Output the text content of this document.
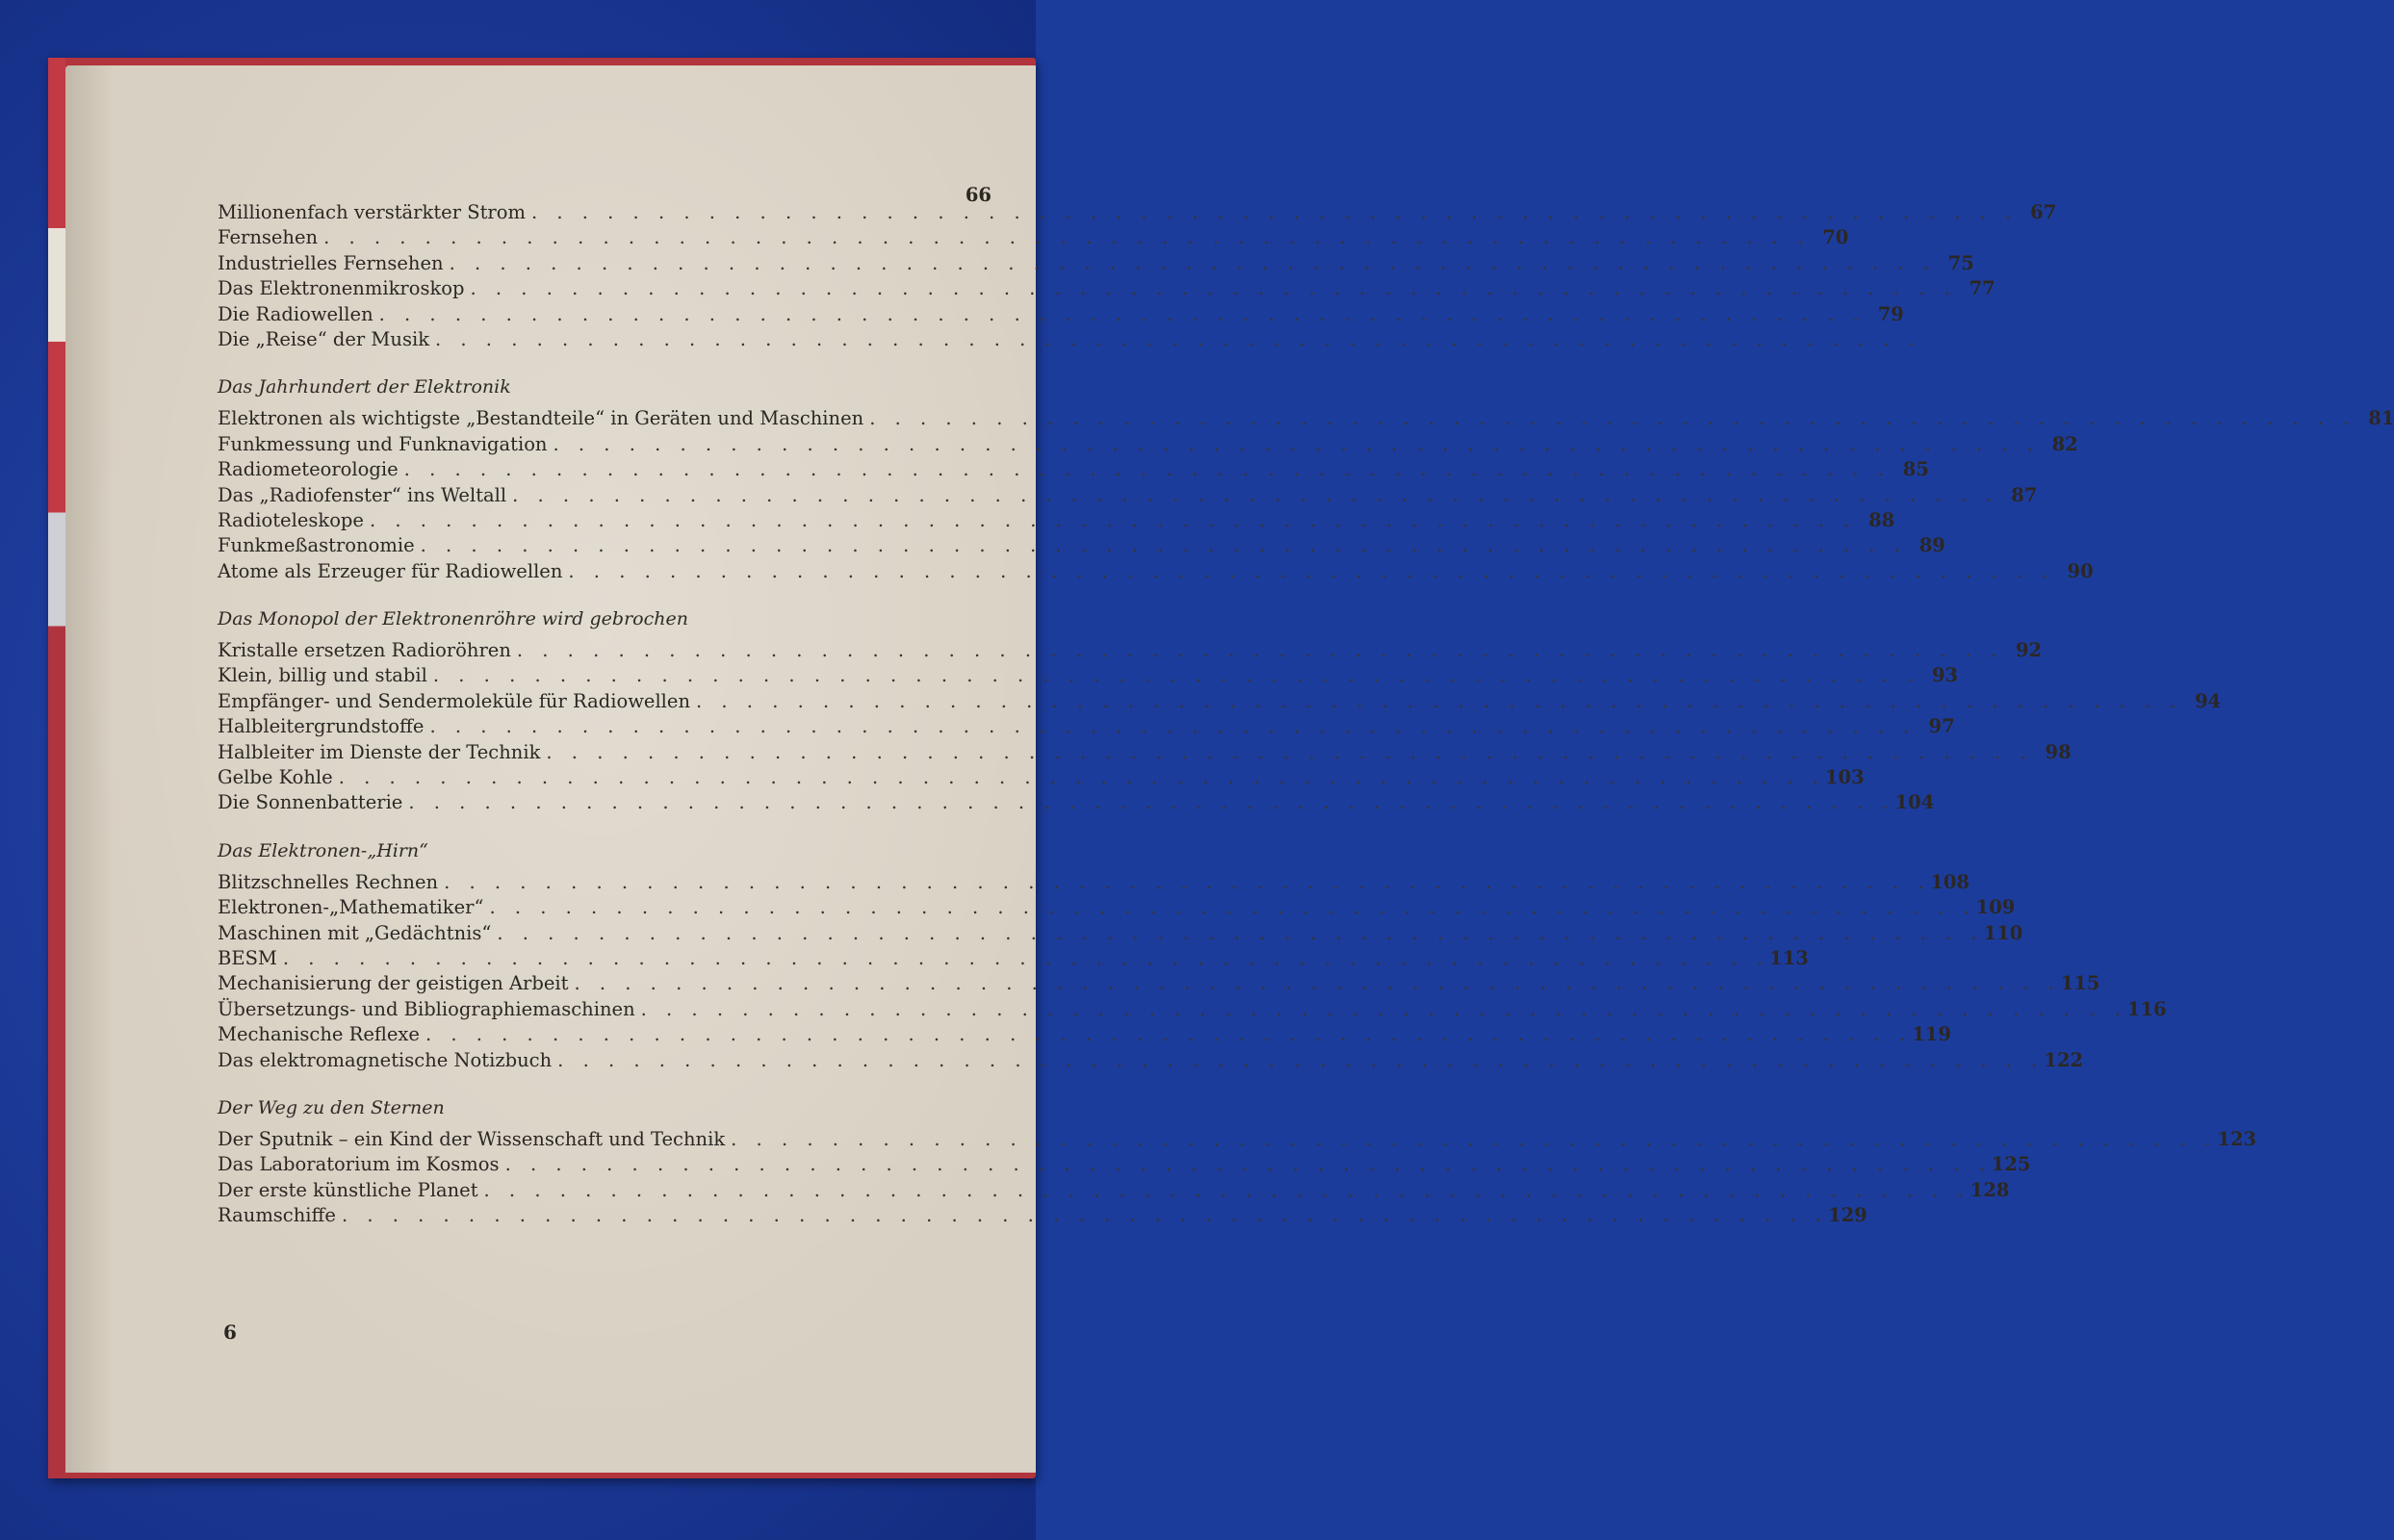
66
Millionenfach verstärkter Strom . . . . . . . . . . . . . . . . . . . . . . . . . . . . . . . . . . . . . . . . . . . . . . . . . . . . . . . . . . . 67
Fernsehen . . . . . . . . . . . . . . . . . . . . . . . . . . . . . . . . . . . . . . . . . . . . . . . . . . . . . . . . . . . 70
Industrielles Fernsehen . . . . . . . . . . . . . . . . . . . . . . . . . . . . . . . . . . . . . . . . . . . . . . . . . . . . . . . . . . . 75
Das Elektronenmikroskop . . . . . . . . . . . . . . . . . . . . . . . . . . . . . . . . . . . . . . . . . . . . . . . . . . . . . . . . . . . 77
Die Radiowellen . . . . . . . . . . . . . . . . . . . . . . . . . . . . . . . . . . . . . . . . . . . . . . . . . . . . . . . . . . . 79
Die „Reise“ der Musik . . . . . . . . . . . . . . . . . . . . . . . . . . . . . . . . . . . . . . . . . . . . . . . . . . . . . . . . . . .
Das Jahrhundert der Elektronik
Elektronen als wichtigste „Bestandteile“ in Geräten und Maschinen . . . . . . . . . . . . . . . . . . . . . . . . . . . . . . . . . . . . . . . . . . . . . . . . . . . . . . . . . . . 81
Funkmessung und Funknavigation . . . . . . . . . . . . . . . . . . . . . . . . . . . . . . . . . . . . . . . . . . . . . . . . . . . . . . . . . . . 82
Radiometeorologie . . . . . . . . . . . . . . . . . . . . . . . . . . . . . . . . . . . . . . . . . . . . . . . . . . . . . . . . . . . 85
Das „Radiofenster“ ins Weltall . . . . . . . . . . . . . . . . . . . . . . . . . . . . . . . . . . . . . . . . . . . . . . . . . . . . . . . . . . . 87
Radioteleskope . . . . . . . . . . . . . . . . . . . . . . . . . . . . . . . . . . . . . . . . . . . . . . . . . . . . . . . . . . . 88
Funkmeßastronomie . . . . . . . . . . . . . . . . . . . . . . . . . . . . . . . . . . . . . . . . . . . . . . . . . . . . . . . . . . . 89
Atome als Erzeuger für Radiowellen . . . . . . . . . . . . . . . . . . . . . . . . . . . . . . . . . . . . . . . . . . . . . . . . . . . . . . . . . . . 90
Das Monopol der Elektronenröhre wird gebrochen
Kristalle ersetzen Radioröhren . . . . . . . . . . . . . . . . . . . . . . . . . . . . . . . . . . . . . . . . . . . . . . . . . . . . . . . . . . . 92
Klein, billig und stabil . . . . . . . . . . . . . . . . . . . . . . . . . . . . . . . . . . . . . . . . . . . . . . . . . . . . . . . . . . . 93
Empfänger- und Sendermoleküle für Radiowellen . . . . . . . . . . . . . . . . . . . . . . . . . . . . . . . . . . . . . . . . . . . . . . . . . . . . . . . . . . . 94
Halbleitergrundstoffe . . . . . . . . . . . . . . . . . . . . . . . . . . . . . . . . . . . . . . . . . . . . . . . . . . . . . . . . . . . 97
Halbleiter im Dienste der Technik . . . . . . . . . . . . . . . . . . . . . . . . . . . . . . . . . . . . . . . . . . . . . . . . . . . . . . . . . . . 98
Gelbe Kohle . . . . . . . . . . . . . . . . . . . . . . . . . . . . . . . . . . . . . . . . . . . . . . . . . . . . . . . . . . . 103
Die Sonnenbatterie . . . . . . . . . . . . . . . . . . . . . . . . . . . . . . . . . . . . . . . . . . . . . . . . . . . . . . . . . . . 104
Das Elektronen-„Hirn“
Blitzschnelles Rechnen . . . . . . . . . . . . . . . . . . . . . . . . . . . . . . . . . . . . . . . . . . . . . . . . . . . . . . . . . . . 108
Elektronen-„Mathematiker“ . . . . . . . . . . . . . . . . . . . . . . . . . . . . . . . . . . . . . . . . . . . . . . . . . . . . . . . . . . . 109
Maschinen mit „Gedächtnis“ . . . . . . . . . . . . . . . . . . . . . . . . . . . . . . . . . . . . . . . . . . . . . . . . . . . . . . . . . . . 110
BESM . . . . . . . . . . . . . . . . . . . . . . . . . . . . . . . . . . . . . . . . . . . . . . . . . . . . . . . . . . . 113
Mechanisierung der geistigen Arbeit . . . . . . . . . . . . . . . . . . . . . . . . . . . . . . . . . . . . . . . . . . . . . . . . . . . . . . . . . . . 115
Übersetzungs- und Bibliographiemaschinen . . . . . . . . . . . . . . . . . . . . . . . . . . . . . . . . . . . . . . . . . . . . . . . . . . . . . . . . . . . 116
Mechanische Reflexe . . . . . . . . . . . . . . . . . . . . . . . . . . . . . . . . . . . . . . . . . . . . . . . . . . . . . . . . . . . 119
Das elektromagnetische Notizbuch . . . . . . . . . . . . . . . . . . . . . . . . . . . . . . . . . . . . . . . . . . . . . . . . . . . . . . . . . . . 122
Der Weg zu den Sternen
Der Sputnik – ein Kind der Wissenschaft und Technik . . . . . . . . . . . . . . . . . . . . . . . . . . . . . . . . . . . . . . . . . . . . . . . . . . . . . . . . . . . 123
Das Laboratorium im Kosmos . . . . . . . . . . . . . . . . . . . . . . . . . . . . . . . . . . . . . . . . . . . . . . . . . . . . . . . . . . . 125
Der erste künstliche Planet . . . . . . . . . . . . . . . . . . . . . . . . . . . . . . . . . . . . . . . . . . . . . . . . . . . . . . . . . . . 128
Raumschiffe . . . . . . . . . . . . . . . . . . . . . . . . . . . . . . . . . . . . . . . . . . . . . . . . . . . . . . . . . . . 129
6
